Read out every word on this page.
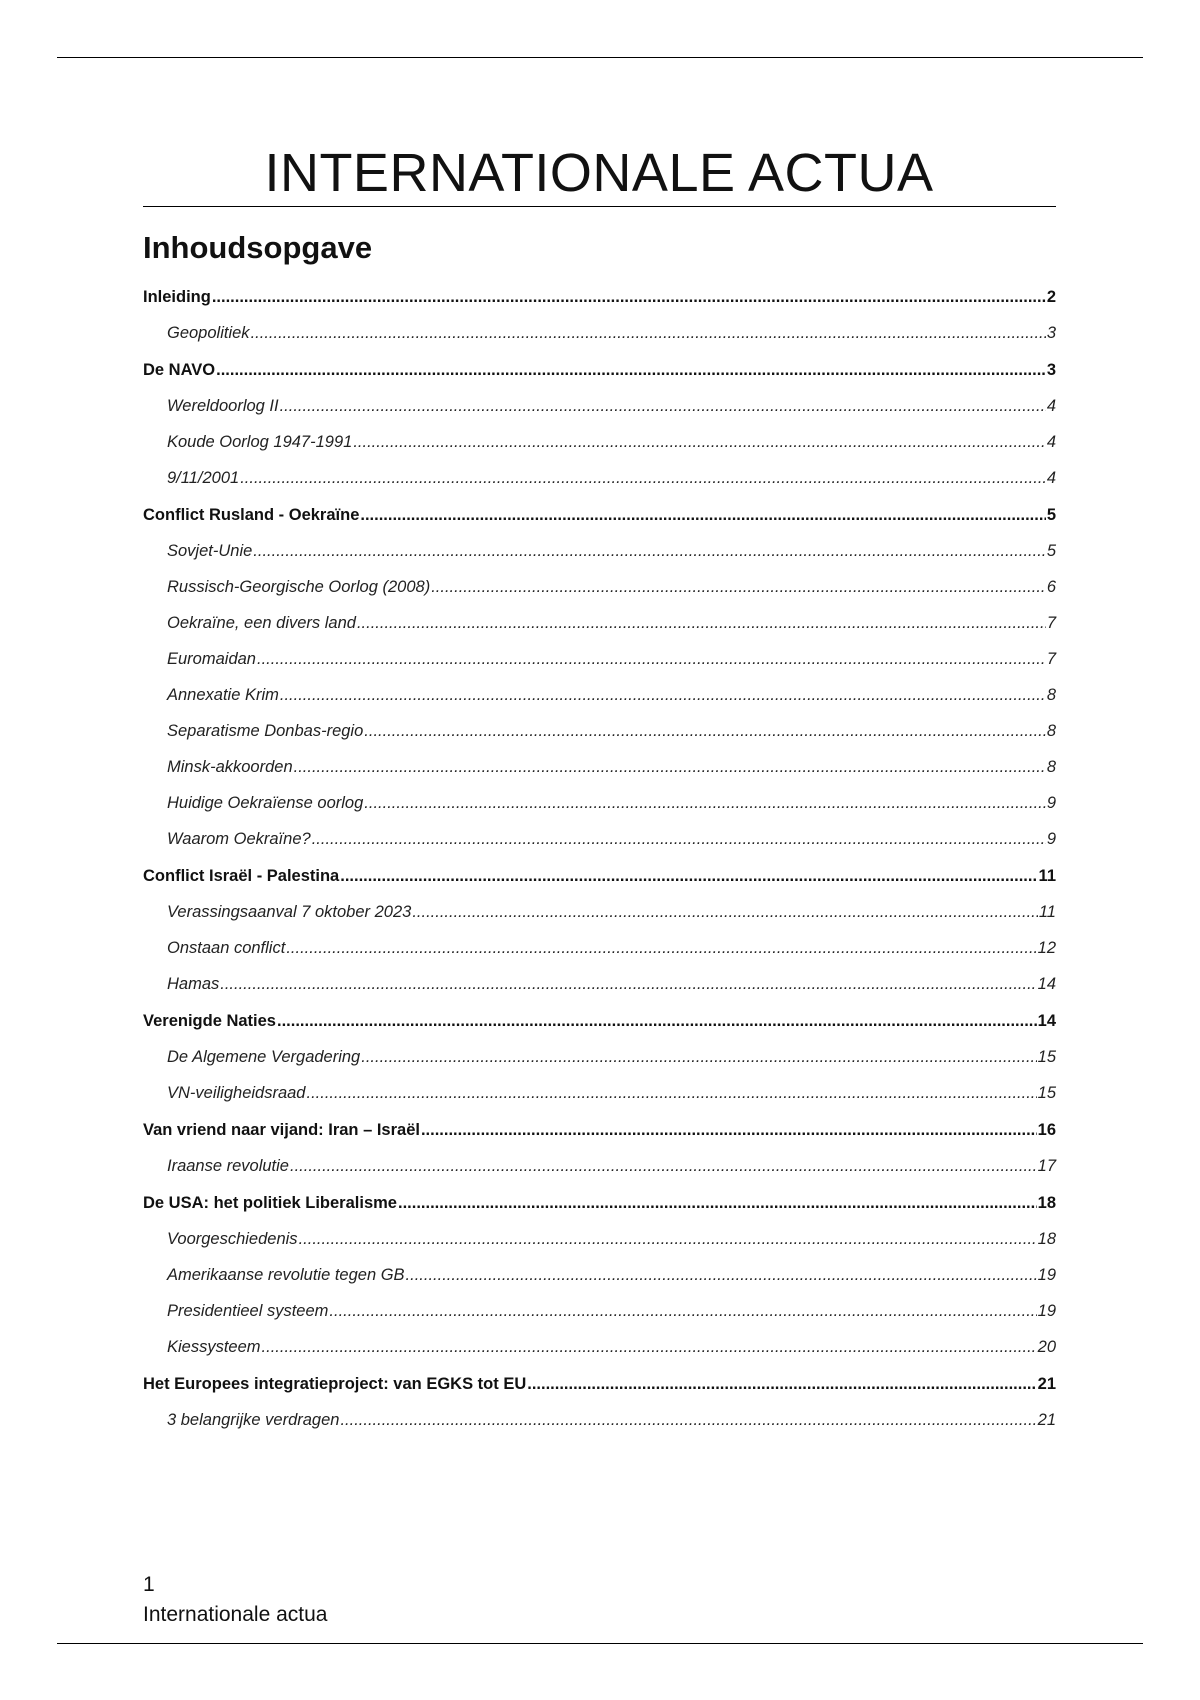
INTERNATIONALE ACTUA
Inhoudsopgave
Inleiding .....	2
Geopolitiek .....	3
De NAVO .....	3
Wereldoorlog II .....	4
Koude Oorlog 1947-1991 .....	4
9/11/2001 .....	4
Conflict Rusland - Oekraïne .....	5
Sovjet-Unie .....	5
Russisch-Georgische Oorlog (2008) .....	6
Oekraïne, een divers land .....	7
Euromaidan .....	7
Annexatie Krim .....	8
Separatisme Donbas-regio .....	8
Minsk-akkoorden .....	8
Huidige Oekraïense oorlog .....	9
Waarom Oekraïne? .....	9
Conflict Israël - Palestina .....	11
Verassingsaanval 7 oktober 2023 .....	11
Onstaan conflict .....	12
Hamas .....	14
Verenigde Naties .....	14
De Algemene Vergadering .....	15
VN-veiligheidsraad .....	15
Van vriend naar vijand: Iran – Israël .....	16
Iraanse revolutie .....	17
De USA: het politiek Liberalisme .....	18
Voorgeschiedenis .....	18
Amerikaanse revolutie tegen GB .....	19
Presidentieel systeem .....	19
Kiessysteem .....	20
Het Europees integratieproject: van EGKS tot EU .....	21
3 belangrijke verdragen .....	21
1
Internationale actua
